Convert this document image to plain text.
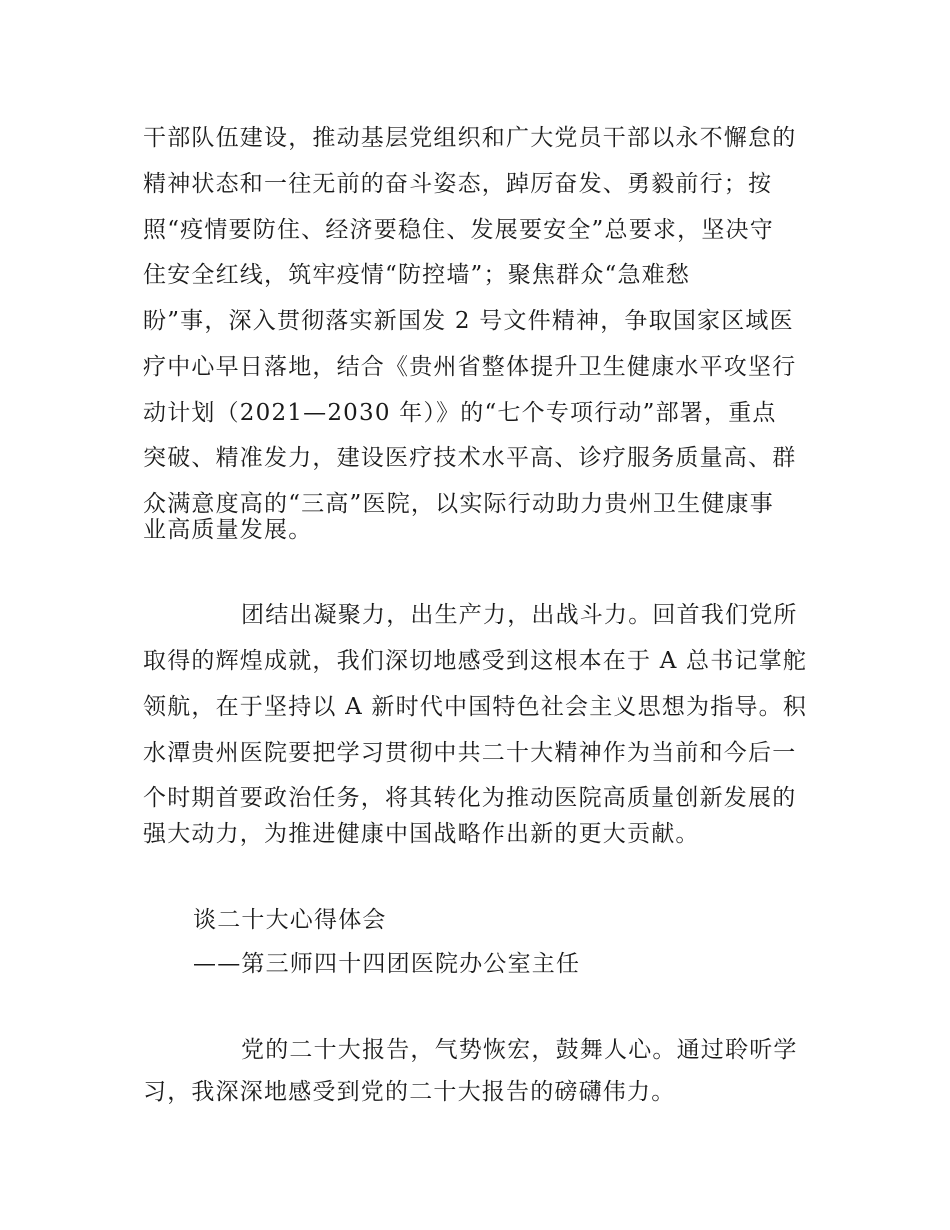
干部队伍建设，推动基层党组织和广大党员干部以永不懈怠的
精神状态和一往无前的奋斗姿态，踔厉奋发、勇毅前行；按
照“疫情要防住、经济要稳住、发展要安全”总要求，坚决守
住安全红线，筑牢疫情“防控墙”；聚焦群众“急难愁
盼”事，深入贯彻落实新国发 2 号文件精神，争取国家区域医
疗中心早日落地，结合《贵州省整体提升卫生健康水平攻坚行
动计划（2021—2030 年）》的“七个专项行动”部署，重点
突破、精准发力，建设医疗技术水平高、诊疗服务质量高、群
众满意度高的“三高”医院，以实际行动助力贵州卫生健康事
业高质量发展。
团结出凝聚力，出生产力，出战斗力。回首我们党所
取得的辉煌成就，我们深切地感受到这根本在于 A 总书记掌舵
领航，在于坚持以 A 新时代中国特色社会主义思想为指导。积
水潭贵州医院要把学习贯彻中共二十大精神作为当前和今后一
个时期首要政治任务，将其转化为推动医院高质量创新发展的
强大动力，为推进健康中国战略作出新的更大贡献。
谈二十大心得体会
——第三师四十四团医院办公室主任
党的二十大报告，气势恢宏，鼓舞人心。通过聆听学
习，我深深地感受到党的二十大报告的磅礴伟力。
